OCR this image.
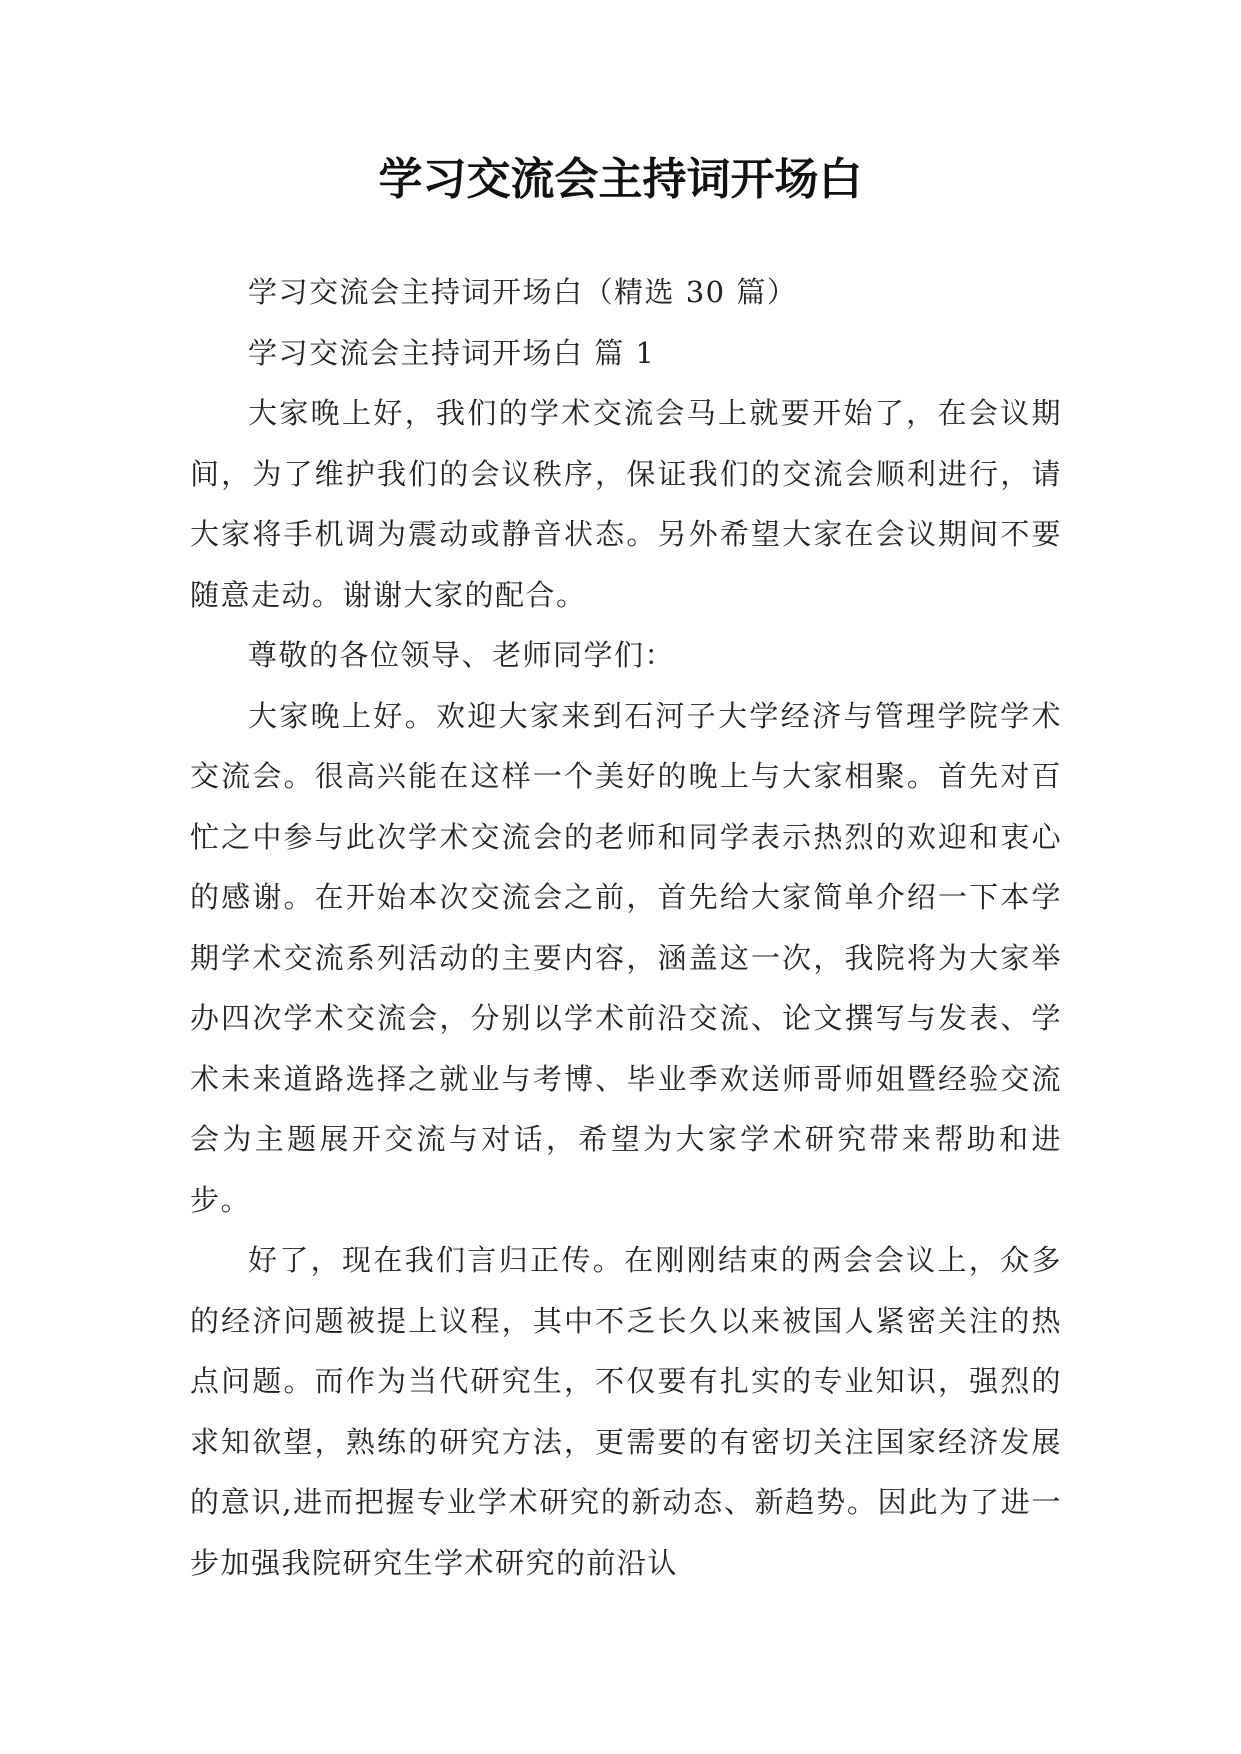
学习交流会主持词开场白

学习交流会主持词开场白（精选 30 篇）

学习交流会主持词开场白 篇 1

大家晚上好，我们的学术交流会马上就要开始了，在会议期间，为了维护我们的会议秩序，保证我们的交流会顺利进行，请大家将手机调为震动或静音状态。另外希望大家在会议期间不要随意走动。谢谢大家的配合。

尊敬的各位领导、老师同学们：

大家晚上好。欢迎大家来到石河子大学经济与管理学院学术交流会。很高兴能在这样一个美好的晚上与大家相聚。首先对百忙之中参与此次学术交流会的老师和同学表示热烈的欢迎和衷心的感谢。在开始本次交流会之前，首先给大家简单介绍一下本学期学术交流系列活动的主要内容，涵盖这一次，我院将为大家举办四次学术交流会，分别以学术前沿交流、论文撰写与发表、学术未来道路选择之就业与考博、毕业季欢送师哥师姐暨经验交流会为主题展开交流与对话，希望为大家学术研究带来帮助和进步。

好了，现在我们言归正传。在刚刚结束的两会会议上，众多的经济问题被提上议程，其中不乏长久以来被国人紧密关注的热点问题。而作为当代研究生，不仅要有扎实的专业知识，强烈的求知欲望，熟练的研究方法，更需要的有密切关注国家经济发展的意识,进而把握专业学术研究的新动态、新趋势。因此为了进一步加强我院研究生学术研究的前沿认
